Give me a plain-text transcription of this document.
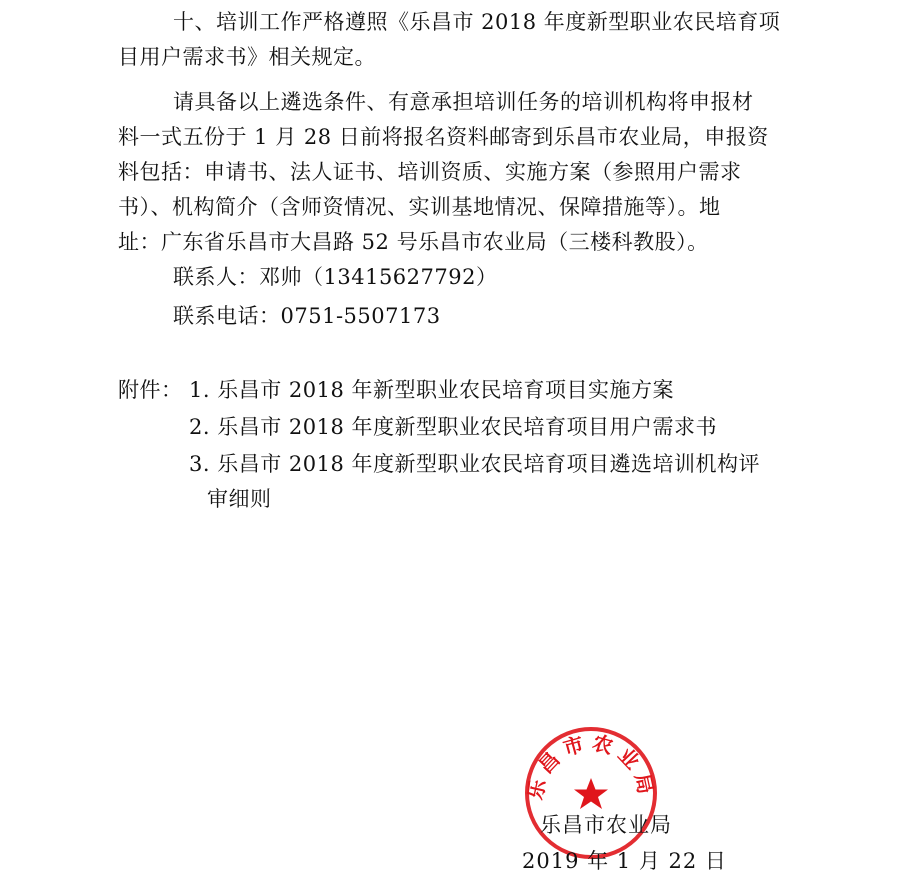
十、培训工作严格遵照《乐昌市 2018 年度新型职业农民培育项
目用户需求书》相关规定。
请具备以上遴选条件、有意承担培训任务的培训机构将申报材
料一式五份于 1 月 28 日前将报名资料邮寄到乐昌市农业局，申报资
料包括：申请书、法人证书、培训资质、实施方案（参照用户需求
书）、机构简介（含师资情况、实训基地情况、保障措施等）。地
址：广东省乐昌市大昌路 52 号乐昌市农业局（三楼科教股）。
联系人：邓帅（13415627792）
联系电话：0751-5507173
附件： 1. 乐昌市 2018 年新型职业农民培育项目实施方案
2. 乐昌市 2018 年度新型职业农民培育项目用户需求书
3. 乐昌市 2018 年度新型职业农民培育项目遴选培训机构评
审细则
乐昌市农业局
乐昌市农业局
2019 年 1 月 22 日
